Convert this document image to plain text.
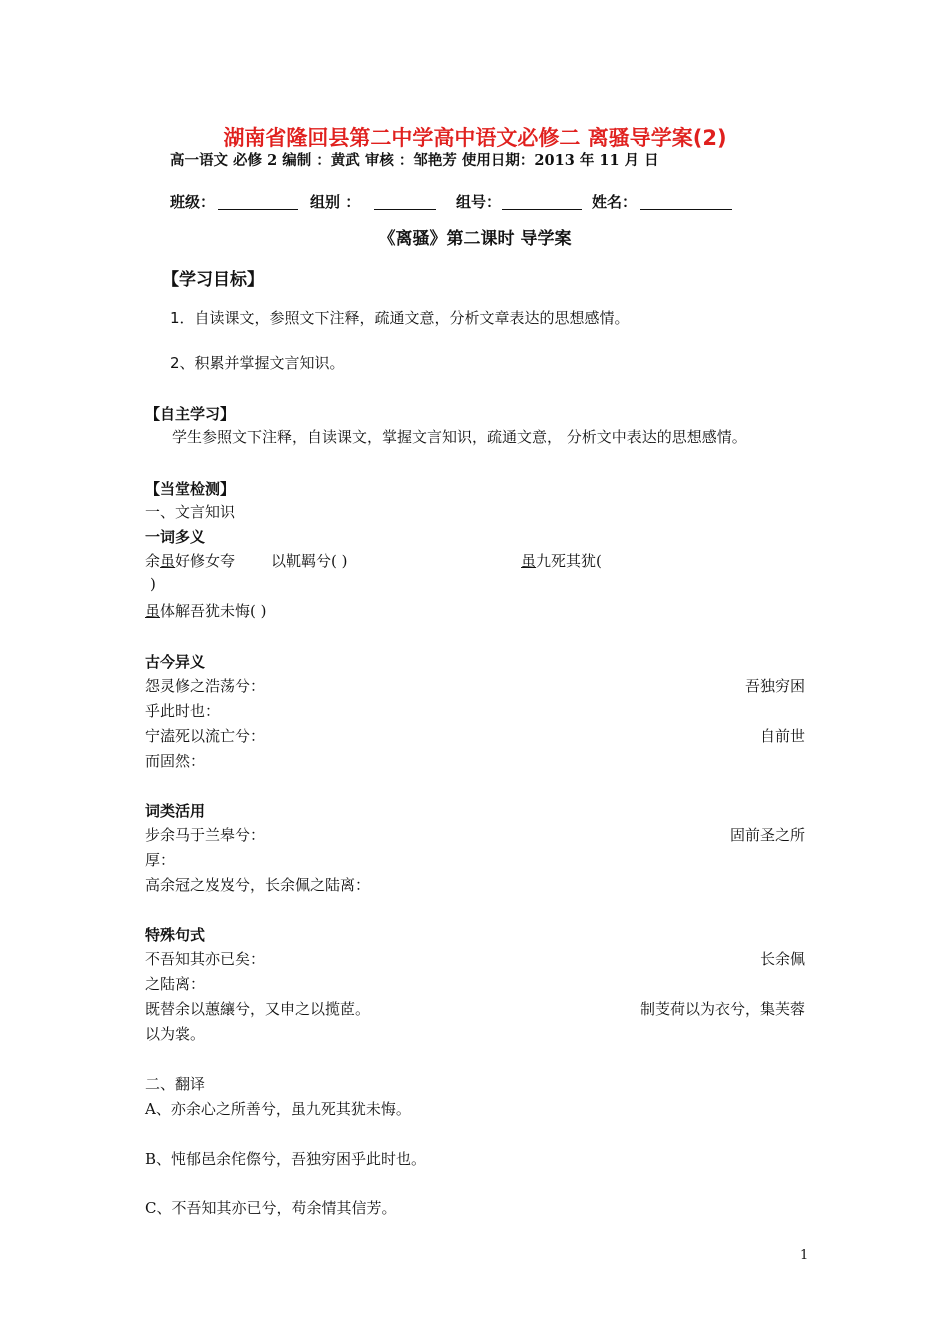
湖南省隆回县第二中学高中语文必修二 离骚导学案(2)
高一语文 必修 2 编制 ：黄武 审核 ：邹艳芳 使用日期：2013 年 11 月 日
班级：	组别 ：	组号：	姓名：
《离骚》第二课时 导学案
【学习目标】
1．自读课文，参照文下注释，疏通文意，分析文章表达的思想感情。
2、积累并掌握文言知识。
【自主学习】
学生参照文下注释，自读课文，掌握文言知识，疏通文意， 分析文中表达的思想感情。
【当堂检测】
一、文言知识
一词多义
余虽好修女夸 以靰羁兮( )	虽九死其犹(
)
虽体解吾犹未悔( )
古今异义
怨灵修之浩荡兮：	吾独穷困
乎此时也：
宁溘死以流亡兮：	自前世
而固然：
词类活用
步余马于兰皋兮：	固前圣之所
厚：
高余冠之岌岌兮，长余佩之陆离：
特殊句式
不吾知其亦已矣：	长余佩
之陆离：
既替余以蕙纕兮，又申之以揽茝。	制芰荷以为衣兮，集芙蓉
以为裳。
二、翻译
A、亦余心之所善兮，虽九死其犹未悔。
B、忳郁邑余侘傺兮，吾独穷困乎此时也。
C、不吾知其亦已兮，苟余情其信芳。
1
